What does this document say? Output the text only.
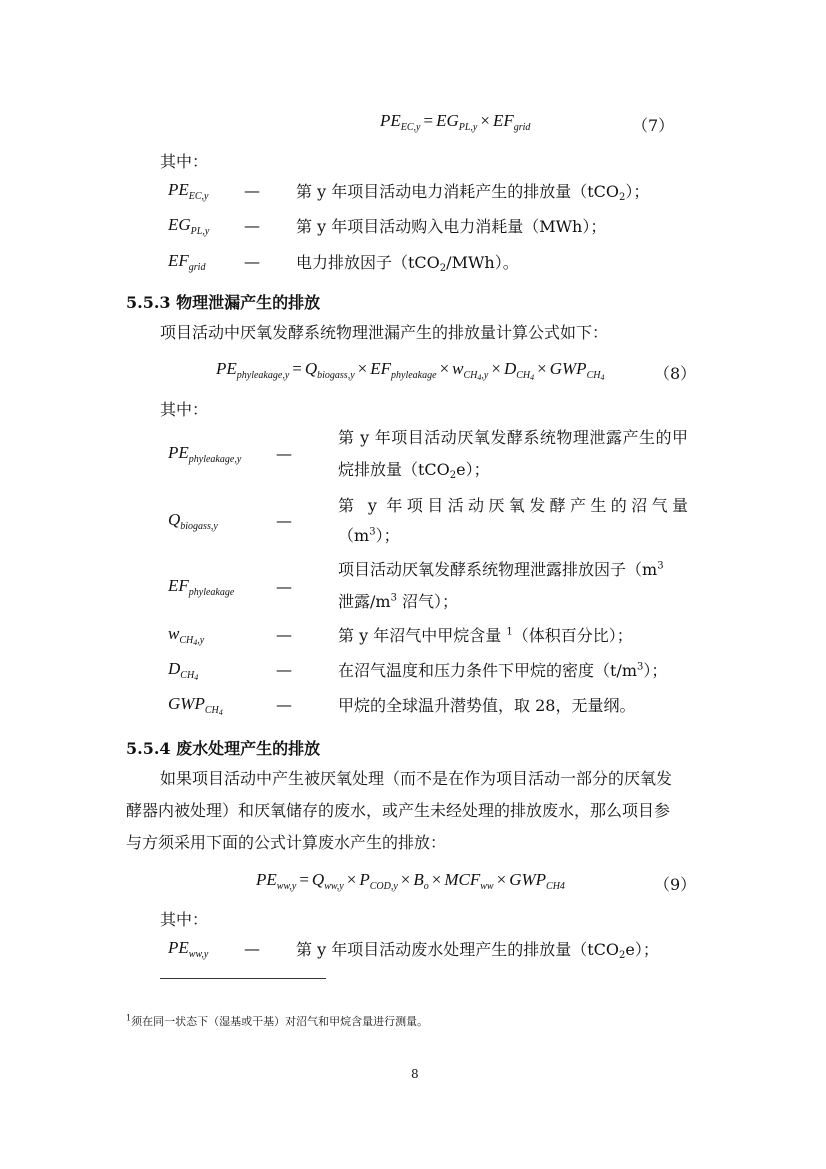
$PE_{EC,y} = EG_{PL,y} \times EF_{grid}$	（7）
其中：
$PE_{EC,y}$ — 第 y 年项目活动电力消耗产生的排放量（tCO$_2$）；
$EG_{PL,y}$ — 第 y 年项目活动购入电力消耗量（MWh）；
$EF_{grid}$ — 电力排放因子（tCO$_2$/MWh）。
5.5.3 物理泄漏产生的排放
项目活动中厌氧发酵系统物理泄漏产生的排放量计算公式如下：
$PE_{phyleakage,y} = Q_{biogass,y} \times EF_{phyleakage} \times w_{CH_4,y} \times D_{CH_4} \times GWP_{CH_4}$	（8）
其中：
$PE_{phyleakage,y}$ —
第 y 年项目活动厌氧发酵系统物理泄露产生的甲
烷排放量（tCO$_2$e）；
$Q_{biogass,y}$	—
第 y 年项目活动厌氧发酵产生的沼气量
$(m^3)$；
$EF_{phyleakage}$	—
项目活动厌氧发酵系统物理泄露排放因子（$m^3$
泄露$/m^3$ 沼气）；
$w_{CH_4,y}$	—	第 y 年沼气中甲烷含量 $^1$（体积百分比）；
$D_{CH_4}$	—	在沼气温度和压力条件下甲烷的密度$(t/m^3)$；
$GWP_{CH_4}$	—	甲烷的全球温升潜势值，取 28，无量纲。
5.5.4 废水处理产生的排放
如果项目活动中产生被厌氧处理（而不是在作为项目活动一部分的厌氧发
酵器内被处理）和厌氧储存的废水，或产生未经处理的排放废水，那么项目参
与方须采用下面的公式计算废水产生的排放：
$PE_{ww,y} = Q_{ww,y} \times P_{COD,y} \times B_o \times MCF_{ww} \times GWP_{CH4}$	（9）
其中：
$PE_{ww,y}$ — 第 y 年项目活动废水处理产生的排放量（tCO$_2$e）；
$^1$须在同一状态下（湿基或干基）对沼气和甲烷含量进行测量。
8
